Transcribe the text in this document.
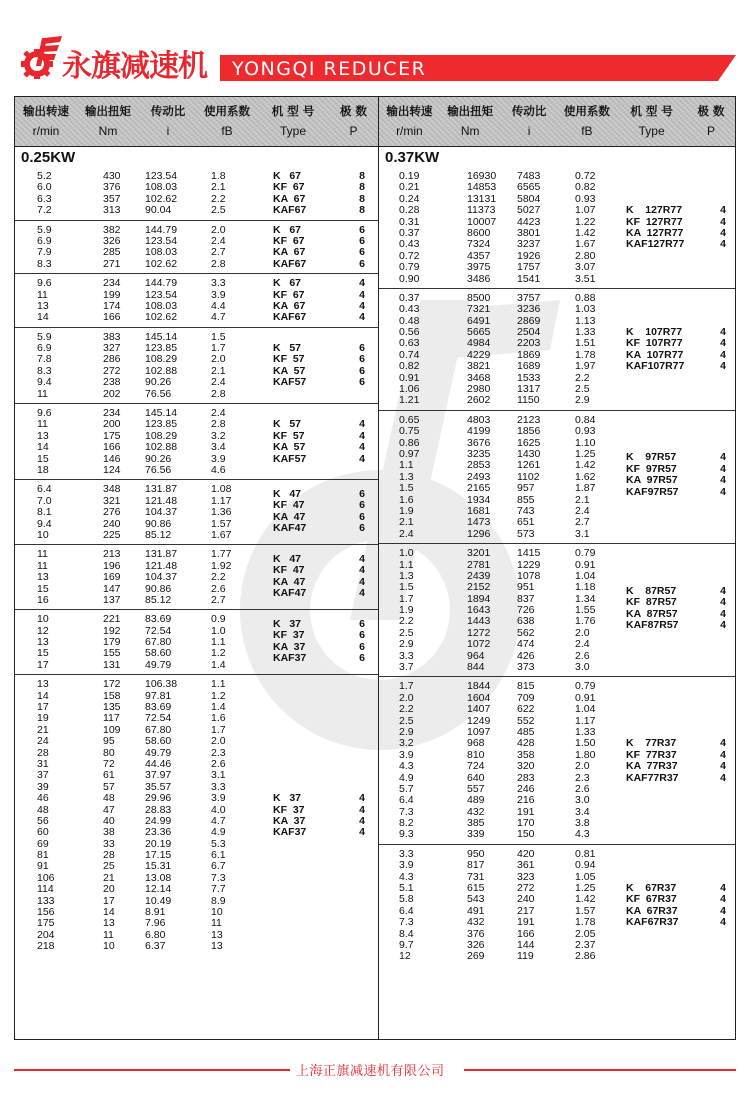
永旗减速机 YONGQI REDUCER
输出转速	输出扭矩	传动比	使用系数	机 型 号	极 数
r/min	Nm	i	fB	Type	P
0.25KW
5.2	430	123.54	1.8
6.0	376	108.03	2.1
6.3	357	102.62	2.2
7.2	313	90.04	2.5
K   67	8
KF  67	8
KA  67	8
KAF67	8
5.9	382	144.79	2.0
6.9	326	123.54	2.4
7.9	285	108.03	2.7
8.3	271	102.62	2.8
K   67	6
KF  67	6
KA  67	6
KAF67	6
9.6	234	144.79	3.3
11	199	123.54	3.9
13	174	108.03	4.4
14	166	102.62	4.7
K   67	4
KF  67	4
KA  67	4
KAF67	4
5.9	383	145.14	1.5
6.9	327	123.85	1.7
7.8	286	108.29	2.0
8.3	272	102.88	2.1
9.4	238	90.26	2.4
11	202	76.56	2.8
K   57	6
KF  57	6
KA  57	6
KAF57	6
9.6	234	145.14	2.4
11	200	123.85	2.8
13	175	108.29	3.2
14	166	102.88	3.4
15	146	90.26	3.9
18	124	76.56	4.6
K   57	4
KF  57	4
KA  57	4
KAF57	4
6.4	348	131.87	1.08
7.0	321	121.48	1.17
8.1	276	104.37	1.36
9.4	240	90.86	1.57
10	225	85.12	1.67
K   47	6
KF  47	6
KA  47	6
KAF47	6
11	213	131.87	1.77
11	196	121.48	1.92
13	169	104.37	2.2
15	147	90.86	2.6
16	137	85.12	2.7
K   47	4
KF  47	4
KA  47	4
KAF47	4
10	221	83.69	0.9
12	192	72.54	1.0
13	179	67.80	1.1
15	155	58.60	1.2
17	131	49.79	1.4
K   37	6
KF  37	6
KA  37	6
KAF37	6
13	172	106.38	1.1
14	158	97.81	1.2
17	135	83.69	1.4
19	117	72.54	1.6
21	109	67.80	1.7
24	95	58.60	2.0
28	80	49.79	2.3
31	72	44.46	2.6
37	61	37.97	3.1
39	57	35.57	3.3
46	48	29.96	3.9
48	47	28.83	4.0
56	40	24.99	4.7
60	38	23.36	4.9
69	33	20.19	5.3
81	28	17.15	6.1
91	25	15.31	6.7
106	21	13.08	7.3
114	20	12.14	7.7
133	17	10.49	8.9
156	14	8.91	10
175	13	7.96	11
204	11	6.80	13
218	10	6.37	13
K   37	4
KF  37	4
KA  37	4
KAF37	4
输出转速	输出扭矩	传动比	使用系数	机 型 号	极 数
r/min	Nm	i	fB	Type	P
0.37KW
0.19	16930	7483	0.72
0.21	14853	6565	0.82
0.24	13131	5804	0.93
0.28	11373	5027	1.07
0.31	10007	4423	1.22
0.37	8600	3801	1.42
0.43	7324	3237	1.67
0.72	4357	1926	2.80
0.79	3975	1757	3.07
0.90	3486	1541	3.51
K    127R77	4
KF  127R77	4
KA  127R77	4
KAF127R77	4
0.37	8500	3757	0.88
0.43	7321	3236	1.03
0.48	6491	2869	1.13
0.56	5665	2504	1.33
0.63	4984	2203	1.51
0.74	4229	1869	1.78
0.82	3821	1689	1.97
0.91	3468	1533	2.2
1.06	2980	1317	2.5
1.21	2602	1150	2.9
K    107R77	4
KF  107R77	4
KA  107R77	4
KAF107R77	4
0.65	4803	2123	0.84
0.75	4199	1856	0.93
0.86	3676	1625	1.10
0.97	3235	1430	1.25
1.1	2853	1261	1.42
1.3	2493	1102	1.62
1.5	2165	957	1.87
1.6	1934	855	2.1
1.9	1681	743	2.4
2.1	1473	651	2.7
2.4	1296	573	3.1
K    97R57	4
KF  97R57	4
KA  97R57	4
KAF97R57	4
1.0	3201	1415	0.79
1.1	2781	1229	0.91
1.3	2439	1078	1.04
1.5	2152	951	1.18
1.7	1894	837	1.34
1.9	1643	726	1.55
2.2	1443	638	1.76
2.5	1272	562	2.0
2.9	1072	474	2.4
3.3	964	426	2.6
3.7	844	373	3.0
K    87R57	4
KF  87R57	4
KA  87R57	4
KAF87R57	4
1.7	1844	815	0.79
2.0	1604	709	0.91
2.2	1407	622	1.04
2.5	1249	552	1.17
2.9	1097	485	1.33
3.2	968	428	1.50
3.9	810	358	1.80
4.3	724	320	2.0
4.9	640	283	2.3
5.7	557	246	2.6
6.4	489	216	3.0
7.3	432	191	3.4
8.2	385	170	3.8
9.3	339	150	4.3
K    77R37	4
KF  77R37	4
KA  77R37	4
KAF77R37	4
3.3	950	420	0.81
3.9	817	361	0.94
4.3	731	323	1.05
5.1	615	272	1.25
5.8	543	240	1.42
6.4	491	217	1.57
7.3	432	191	1.78
8.4	376	166	2.05
9.7	326	144	2.37
12	269	119	2.86
K    67R37	4
KF  67R37	4
KA  67R37	4
KAF67R37	4
上海正旗减速机有限公司
